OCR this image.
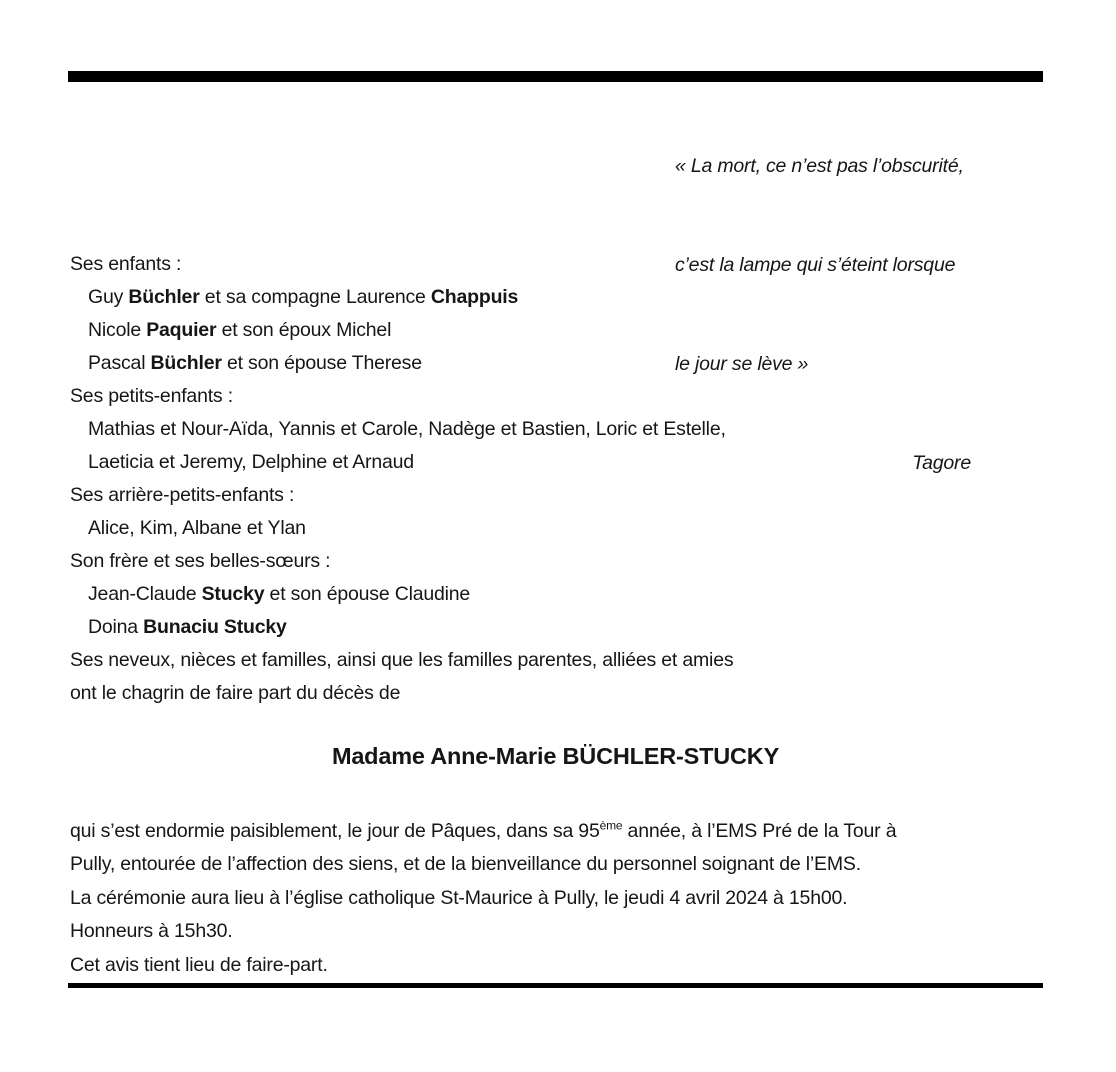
« La mort, ce n’est pas l’obscurité,

c’est la lampe qui s’éteint lorsque

le jour se lève »

Tagore

Ses enfants :
Guy Büchler et sa compagne Laurence Chappuis
Nicole Paquier et son époux Michel
Pascal Büchler et son épouse Therese
Ses petits-enfants :
Mathias et Nour-Aïda, Yannis et Carole, Nadège et Bastien, Loric et Estelle,
Laeticia et Jeremy, Delphine et Arnaud
Ses arrière-petits-enfants :
Alice, Kim, Albane et Ylan
Son frère et ses belles-sœurs :
Jean-Claude Stucky et son épouse Claudine
Doina Bunaciu Stucky
Ses neveux, nièces et familles, ainsi que les familles parentes, alliées et amies
ont le chagrin de faire part du décès de
Madame Anne-Marie BÜCHLER-STUCKY
qui s’est endormie paisiblement, le jour de Pâques, dans sa 95ème année, à l’EMS Pré de la Tour à
Pully, entourée de l’affection des siens, et de la bienveillance du personnel soignant de l’EMS.
La cérémonie aura lieu à l’église catholique St-Maurice à Pully, le jeudi 4 avril 2024 à 15h00.
Honneurs à 15h30.
Cet avis tient lieu de faire-part.
